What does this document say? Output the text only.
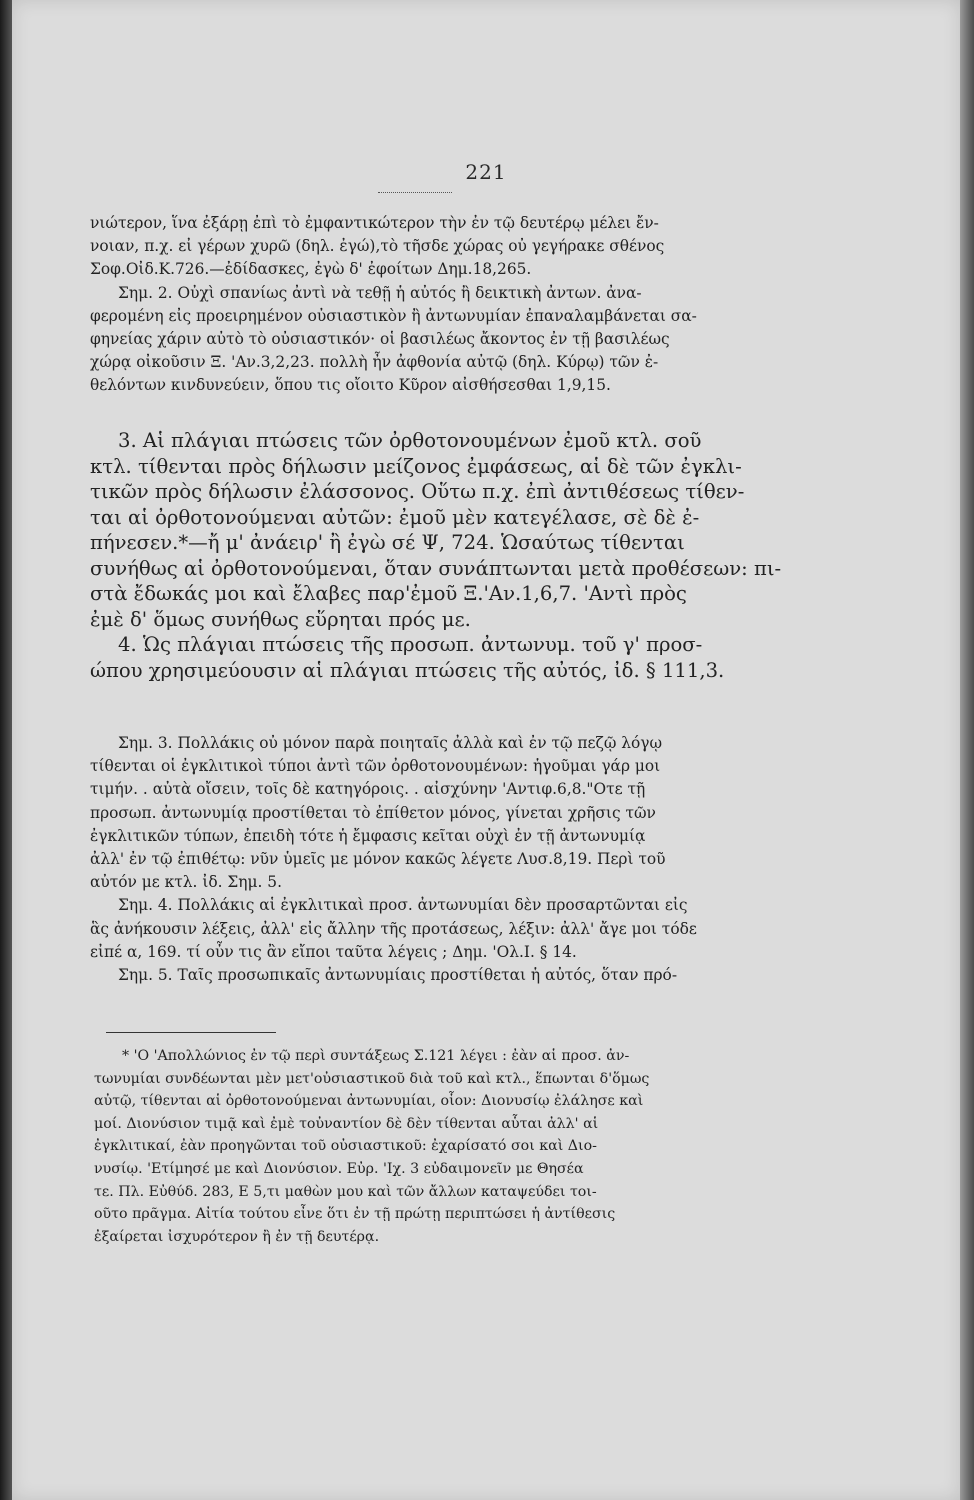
221
νιώτερον, ἵνα ἐξάρῃ ἐπὶ τὸ ἐμφαντικώτερον τὴν ἐν τῷ δευτέρῳ μέλει ἔν-
νοιαν, π.χ. εἰ γέρων χυρῶ (δηλ. ἐγώ),τὸ τῆσδε χώρας οὐ γεγήρακε σθένος
Σοφ.Οἰδ.Κ.726.—ἐδίδασκες, ἐγὼ δ' ἐφοίτων Δημ.18,265.
Σημ. 2. Οὐχὶ σπανίως ἀντὶ νὰ τεθῇ ἡ αὐτός ἢ δεικτικὴ ἀντων. ἀνα-
φερομένη εἰς προειρημένον οὐσιαστικὸν ἢ ἀντωνυμίαν ἐπαναλαμβάνεται σα-
φηνείας χάριν αὐτὸ τὸ οὐσιαστικόν· οἱ βασιλέως ἄκοντος ἐν τῇ βασιλέως
χώρᾳ οἰκοῦσιν Ξ. 'Αν.3,2,23. πολλὴ ἦν ἀφθονία αὐτῷ (δηλ. Κύρῳ) τῶν ἐ-
θελόντων κινδυνεύειν, ὅπου τις οἴοιτο Κῦρον αἰσθήσεσθαι 1,9,15.
3. Αἱ πλάγιαι πτώσεις τῶν ὀρθοτονουμένων ἐμοῦ κτλ. σοῦ
κτλ. τίθενται πρὸς δήλωσιν μείζονος ἐμφάσεως, αἱ δὲ τῶν ἐγκλι-
τικῶν πρὸς δήλωσιν ἐλάσσονος. Οὕτω π.χ. ἐπὶ ἀντιθέσεως τίθεν-
ται αἱ ὀρθοτονούμεναι αὐτῶν: ἐμοῦ μὲν κατεγέλασε, σὲ δὲ ἐ-
πήνεσεν.*—ἤ μ' ἀνάειρ' ἢ ἐγὼ σέ Ψ, 724. Ὡσαύτως τίθενται
συνήθως αἱ ὀρθοτονούμεναι, ὅταν συνάπτωνται μετὰ προθέσεων: πι-
στὰ ἔδωκάς μοι καὶ ἔλαβες παρ'ἐμοῦ Ξ.'Αν.1,6,7. 'Αντὶ πρὸς
ἐμὲ δ' ὅμως συνήθως εὕρηται πρός με.
4. Ὡς πλάγιαι πτώσεις τῆς προσωπ. ἀντωνυμ. τοῦ γ' προσ-
ώπου χρησιμεύουσιν αἱ πλάγιαι πτώσεις τῆς αὐτός, ἰδ. § 111,3.
Σημ. 3. Πολλάκις οὐ μόνον παρὰ ποιηταῖς ἀλλὰ καὶ ἐν τῷ πεζῷ λόγῳ
τίθενται οἱ ἐγκλιτικοὶ τύποι ἀντὶ τῶν ὀρθοτονουμένων: ἡγοῦμαι γάρ μοι
τιμήν. . αὐτὰ οἴσειν, τοῖς δὲ κατηγόροις. . αἰσχύνην 'Αντιφ.6,8."Οτε τῇ
προσωπ. ἀντωνυμίᾳ προστίθεται τὸ ἐπίθετον μόνος, γίνεται χρῆσις τῶν
ἐγκλιτικῶν τύπων, ἐπειδὴ τότε ἡ ἔμφασις κεῖται οὐχὶ ἐν τῇ ἀντωνυμίᾳ
ἀλλ' ἐν τῷ ἐπιθέτῳ: νῦν ὑμεῖς με μόνον κακῶς λέγετε Λυσ.8,19. Περὶ τοῦ
αὐτόν με κτλ. ἰδ. Σημ. 5.
Σημ. 4. Πολλάκις αἱ ἐγκλιτικαὶ προσ. ἀντωνυμίαι δὲν προσαρτῶνται εἰς
ἃς ἀνήκουσιν λέξεις, ἀλλ' εἰς ἄλλην τῆς προτάσεως, λέξιν: ἀλλ' ἄγε μοι τόδε
εἰπέ α, 169. τί οὖν τις ἂν εἴποι ταῦτα λέγεις ; Δημ. 'Ολ.Ι. § 14.
Σημ. 5. Ταῖς προσωπικαῖς ἀντωνυμίαις προστίθεται ἡ αὐτός, ὅταν πρό-
* 'Ο 'Απολλώνιος ἐν τῷ περὶ συντάξεως Σ.121 λέγει : ἐὰν αἱ προσ. ἀν-
τωνυμίαι συνδέωνται μὲν μετ'οὐσιαστικοῦ διὰ τοῦ καὶ κτλ., ἕπωνται δ'ὅμως
αὐτῷ, τίθενται αἱ ὀρθοτονούμεναι ἀντωνυμίαι, οἷον: Διονυσίῳ ἐλάλησε καὶ
μοί. Διονύσιον τιμᾷ καὶ ἐμὲ τοὐναντίον δὲ δὲν τίθενται αὗται ἀλλ' αἱ
ἐγκλιτικαί, ἐὰν προηγῶνται τοῦ οὐσιαστικοῦ: ἐχαρίσατό σοι καὶ Διο-
νυσίῳ. 'Ετίμησέ με καὶ Διονύσιον. Εὐρ. 'Ιχ. 3 εὐδαιμονεῖν με Θησέα
τε. Πλ. Εὐθύδ. 283, Ε 5,τι μαθὼν μου καὶ τῶν ἄλλων καταψεύδει τοι-
οῦτο πρᾶγμα. Αἰτία τούτου εἶνε ὅτι ἐν τῇ πρώτῃ περιπτώσει ἡ ἀντίθεσις
ἐξαίρεται ἰσχυρότερον ἢ ἐν τῇ δευτέρᾳ.
